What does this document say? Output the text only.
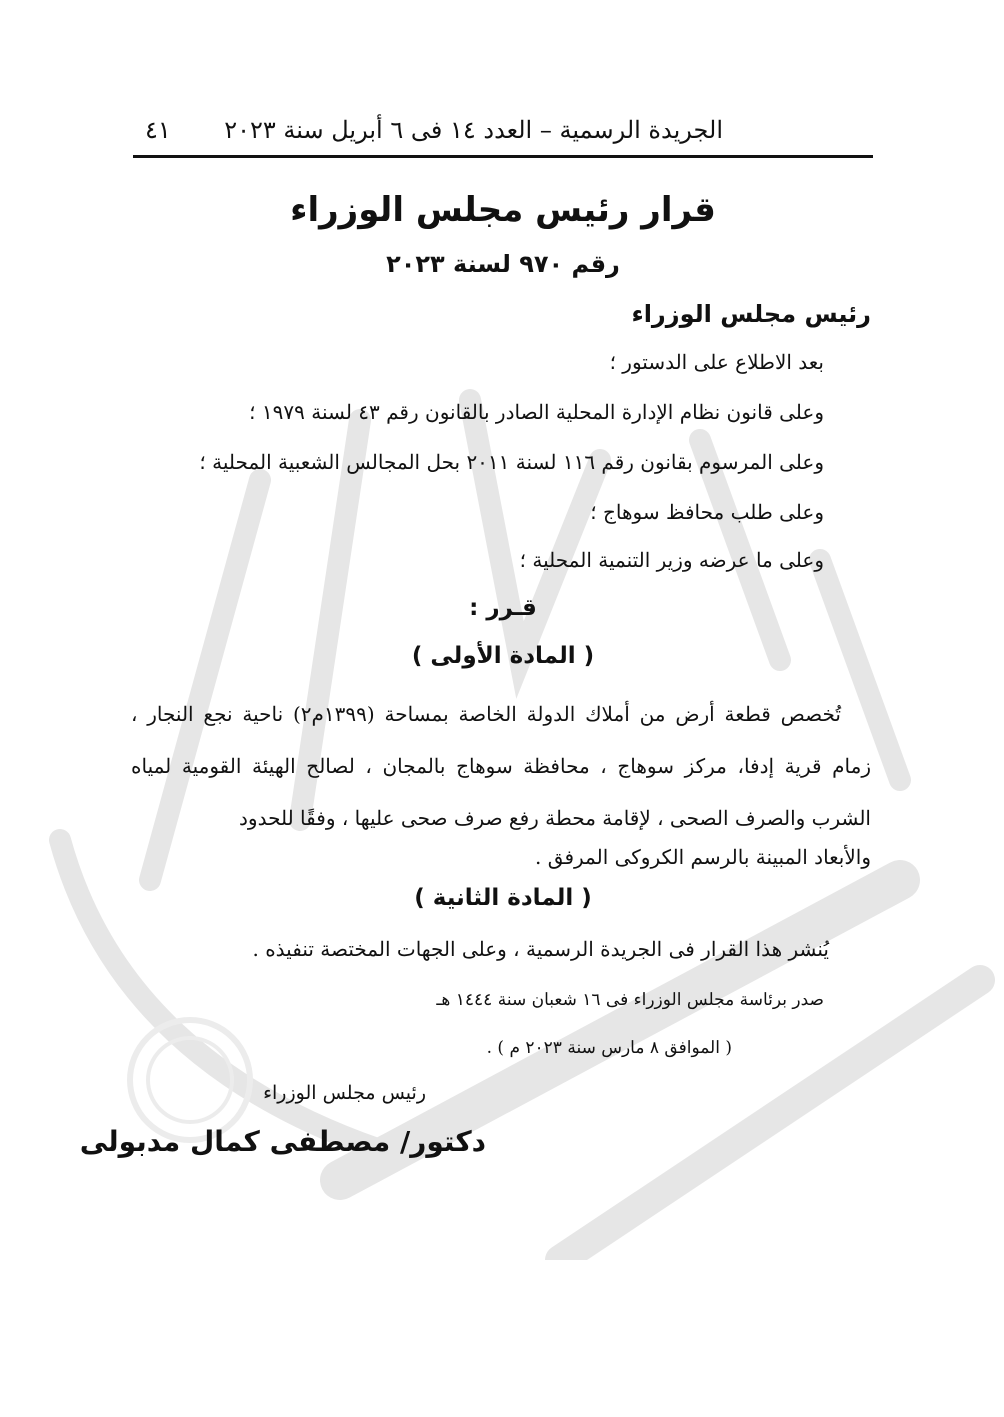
الجريدة الرسمية – العدد ١٤ فى ٦ أبريل سنة ٢٠٢٣
٤١
قرار رئيس مجلس الوزراء
رقم ٩٧٠ لسنة ٢٠٢٣
رئيس مجلس الوزراء
بعد الاطلاع على الدستور ؛
وعلى قانون نظام الإدارة المحلية الصادر بالقانون رقم ٤٣ لسنة ١٩٧٩ ؛
وعلى المرسوم بقانون رقم ١١٦ لسنة ٢٠١١ بحل المجالس الشعبية المحلية ؛
وعلى طلب محافظ سوهاج ؛
وعلى ما عرضه وزير التنمية المحلية ؛
قـرر :
( المادة الأولى )
تُخصص قطعة أرض من أملاك الدولة الخاصة بمساحة (١٣٩٩م٢) ناحية نجع النجار ، زمام قرية إدفا، مركز سوهاج ، محافظة سوهاج بالمجان ، لصالح الهيئة القومية لمياه الشرب والصرف الصحى ، لإقامة محطة رفع صرف صحى عليها ، وفقًا للحدود
والأبعاد المبينة بالرسم الكروكى المرفق .
( المادة الثانية )
يُنشر هذا القرار فى الجريدة الرسمية ، وعلى الجهات المختصة تنفيذه .
صدر برئاسة مجلس الوزراء فى ١٦ شعبان سنة ١٤٤٤ هـ
( الموافق ٨ مارس سنة ٢٠٢٣ م ) .
رئيس مجلس الوزراء
دكتور/ مصطفى كمال مدبولى
